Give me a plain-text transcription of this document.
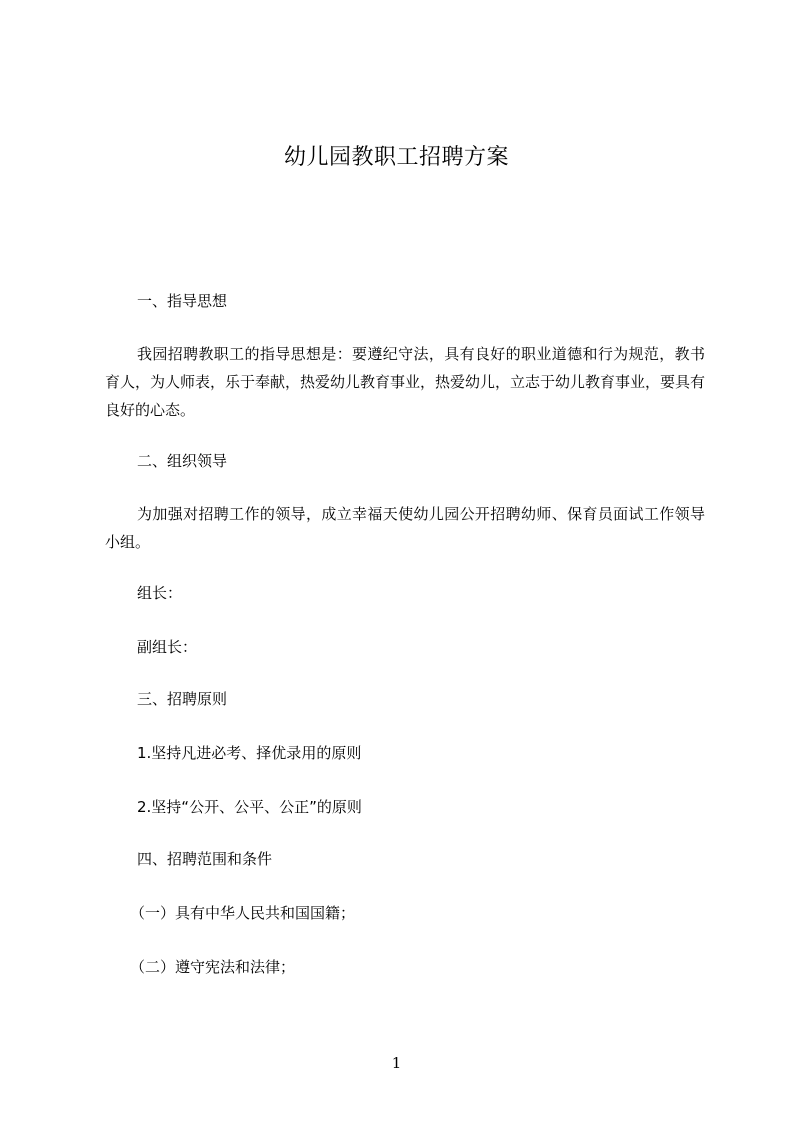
幼儿园教职工招聘方案
一、指导思想
我园招聘教职工的指导思想是：要遵纪守法，具有良好的职业道德和行为规范，教书育人，为人师表，乐于奉献，热爱幼儿教育事业，热爱幼儿，立志于幼儿教育事业，要具有良好的心态。
二、组织领导
为加强对招聘工作的领导，成立幸福天使幼儿园公开招聘幼师、保育员面试工作领导小组。
组长：
副组长：
三、招聘原则
1.坚持凡进必考、择优录用的原则
2.坚持“公开、公平、公正”的原则
四、招聘范围和条件
（一）具有中华人民共和国国籍；
（二）遵守宪法和法律；
1
